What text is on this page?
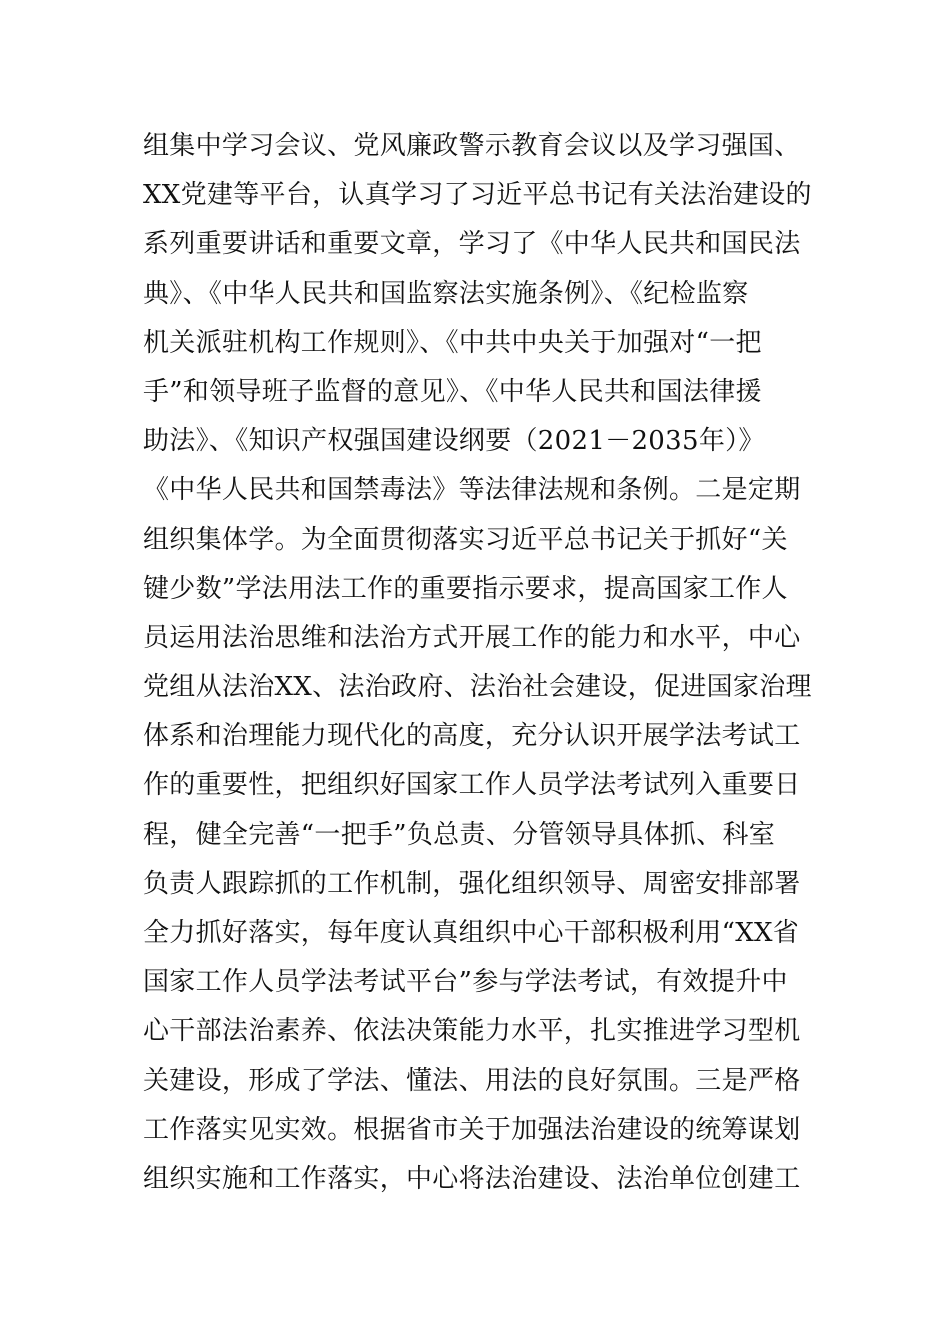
组集中学习会议、党风廉政警示教育会议以及学习强国、
XX党建等平台，认真学习了习近平总书记有关法治建设的
系列重要讲话和重要文章，学习了《中华人民共和国民法
典》、《中华人民共和国监察法实施条例》、《纪检监察
机关派驻机构工作规则》、《中共中央关于加强对“一把
手”和领导班子监督的意见》、《中华人民共和国法律援
助法》、《知识产权强国建设纲要（2021－2035年）》
《中华人民共和国禁毒法》等法律法规和条例。二是定期
组织集体学。为全面贯彻落实习近平总书记关于抓好“关
键少数”学法用法工作的重要指示要求，提高国家工作人
员运用法治思维和法治方式开展工作的能力和水平，中心
党组从法治XX、法治政府、法治社会建设，促进国家治理
体系和治理能力现代化的高度，充分认识开展学法考试工
作的重要性，把组织好国家工作人员学法考试列入重要日
程，健全完善“一把手”负总责、分管领导具体抓、科室
负责人跟踪抓的工作机制，强化组织领导、周密安排部署
全力抓好落实，每年度认真组织中心干部积极利用“XX省
国家工作人员学法考试平台”参与学法考试，有效提升中
心干部法治素养、依法决策能力水平，扎实推进学习型机
关建设，形成了学法、懂法、用法的良好氛围。三是严格
工作落实见实效。根据省市关于加强法治建设的统筹谋划
组织实施和工作落实，中心将法治建设、法治单位创建工
